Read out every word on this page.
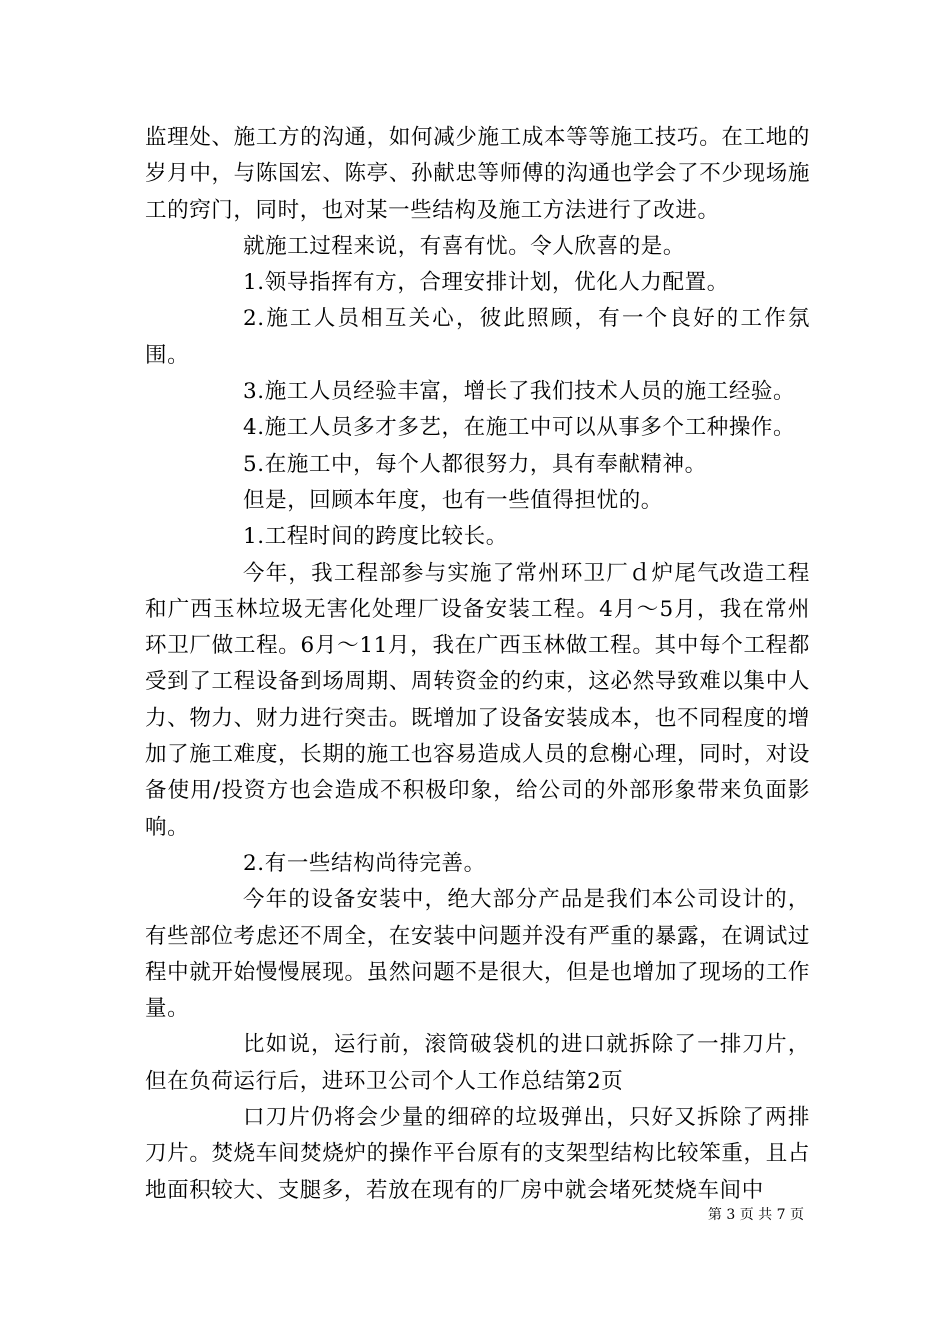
监理处、施工方的沟通，如何减少施工成本等等施工技巧。在工地的岁月中，与陈国宏、陈亭、孙献忠等师傅的沟通也学会了不少现场施工的窍门，同时，也对某一些结构及施工方法进行了改进。

就施工过程来说，有喜有忧。令人欣喜的是。

1.领导指挥有方，合理安排计划，优化人力配置。

2.施工人员相互关心，彼此照顾，有一个良好的工作氛围。

3.施工人员经验丰富，增长了我们技术人员的施工经验。

4.施工人员多才多艺，在施工中可以从事多个工种操作。

5.在施工中，每个人都很努力，具有奉献精神。

但是，回顾本年度，也有一些值得担忧的。

1.工程时间的跨度比较长。

今年，我工程部参与实施了常州环卫厂ｄ炉尾气改造工程和广西玉林垃圾无害化处理厂设备安装工程。4月～5月，我在常州环卫厂做工程。6月～11月，我在广西玉林做工程。其中每个工程都受到了工程设备到场周期、周转资金的约束，这必然导致难以集中人力、物力、财力进行突击。既增加了设备安装成本，也不同程度的增加了施工难度，长期的施工也容易造成人员的怠榭心理，同时，对设备使用/投资方也会造成不积极印象，给公司的外部形象带来负面影响。

2.有一些结构尚待完善。

今年的设备安装中，绝大部分产品是我们本公司设计的，有些部位考虑还不周全，在安装中问题并没有严重的暴露，在调试过程中就开始慢慢展现。虽然问题不是很大，但是也增加了现场的工作量。

比如说，运行前，滚筒破袋机的进口就拆除了一排刀片，但在负荷运行后，进环卫公司个人工作总结第2页

口刀片仍将会少量的细碎的垃圾弹出，只好又拆除了两排刀片。焚烧车间焚烧炉的操作平台原有的支架型结构比较笨重，且占地面积较大、支腿多，若放在现有的厂房中就会堵死焚烧车间中

第 3 页 共 7 页
